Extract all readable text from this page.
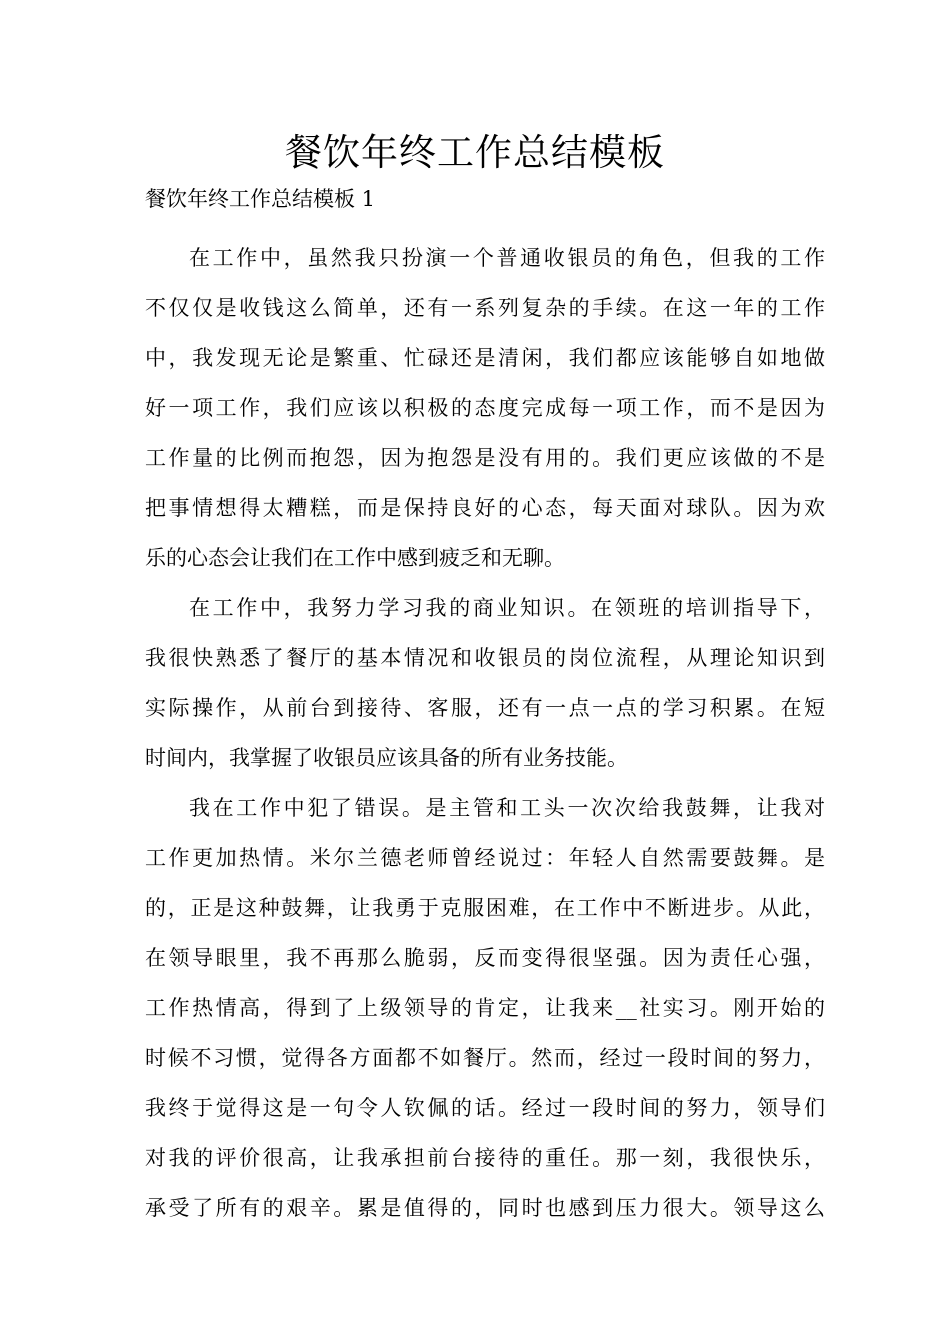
餐饮年终工作总结模板

餐饮年终工作总结模板 1

在工作中，虽然我只扮演一个普通收银员的角色，但我的工作
不仅仅是收钱这么简单，还有一系列复杂的手续。在这一年的工作
中，我发现无论是繁重、忙碌还是清闲，我们都应该能够自如地做
好一项工作，我们应该以积极的态度完成每一项工作，而不是因为
工作量的比例而抱怨，因为抱怨是没有用的。我们更应该做的不是
把事情想得太糟糕，而是保持良好的心态，每天面对球队。因为欢
乐的心态会让我们在工作中感到疲乏和无聊。
在工作中，我努力学习我的商业知识。在领班的培训指导下，
我很快熟悉了餐厅的基本情况和收银员的岗位流程，从理论知识到
实际操作，从前台到接待、客服，还有一点一点的学习积累。在短
时间内，我掌握了收银员应该具备的所有业务技能。
我在工作中犯了错误。是主管和工头一次次给我鼓舞，让我对
工作更加热情。米尔兰德老师曾经说过：年轻人自然需要鼓舞。是
的，正是这种鼓舞，让我勇于克服困难，在工作中不断进步。从此，
在领导眼里，我不再那么脆弱，反而变得很坚强。因为责任心强，
工作热情高，得到了上级领导的肯定，让我来__社实习。刚开始的
时候不习惯，觉得各方面都不如餐厅。然而，经过一段时间的努力，
我终于觉得这是一句令人钦佩的话。经过一段时间的努力，领导们
对我的评价很高，让我承担前台接待的重任。那一刻，我很快乐，
承受了所有的艰辛。累是值得的，同时也感到压力很大。领导这么
